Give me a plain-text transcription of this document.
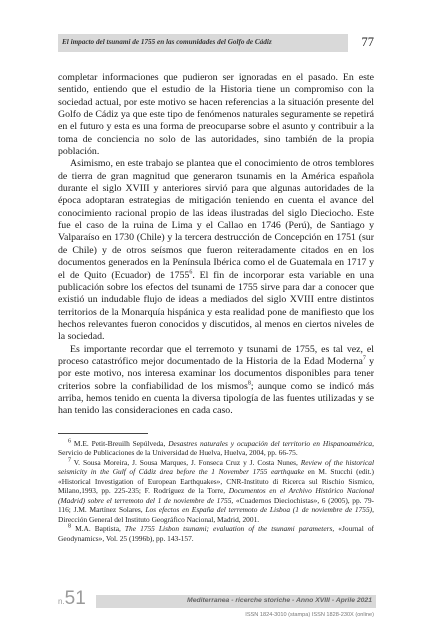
El impacto del tsunami de 1755 en las comunidades del Golfo de Cádiz	77

completar informaciones que pudieron ser ignoradas en el pasado. En este sentido, entiendo que el estudio de la Historia tiene un compromiso con la sociedad actual, por este motivo se hacen referencias a la situación presente del Golfo de Cádiz ya que este tipo de fenómenos naturales seguramente se repetirá en el futuro y esta es una forma de preocuparse sobre el asunto y contribuir a la toma de conciencia no solo de las autoridades, sino también de la propia población.

Asimismo, en este trabajo se plantea que el conocimiento de otros temblores de tierra de gran magnitud que generaron tsunamis en la América española durante el siglo XVIII y anteriores sirvió para que algunas autoridades de la época adoptaran estrategias de mitigación teniendo en cuenta el avance del conocimiento racional propio de las ideas ilustradas del siglo Dieciocho. Este fue el caso de la ruina de Lima y el Callao en 1746 (Perú), de Santiago y Valparaíso en 1730 (Chile) y la tercera destrucción de Concepción en 1751 (sur de Chile) y de otros seísmos que fueron reiteradamente citados en en los documentos generados en la Península Ibérica como el de Guatemala en 1717 y el de Quito (Ecuador) de 1755$^6$. El fin de incorporar esta variable en una publicación sobre los efectos del tsunami de 1755 sirve para dar a conocer que existió un indudable flujo de ideas a mediados del siglo XVIII entre distintos territorios de la Monarquía hispánica y esta realidad pone de manifiesto que los hechos relevantes fueron conocidos y discutidos, al menos en ciertos niveles de la sociedad.

Es importante recordar que el terremoto y tsunami de 1755, es tal vez, el proceso catastrófico mejor documentado de la Historia de la Edad Moderna$^7$ y por este motivo, nos interesa examinar los documentos disponibles para tener criterios sobre la confiabilidad de los mismos$^8$; aunque como se indicó más arriba, hemos tenido en cuenta la diversa tipología de las fuentes utilizadas y se han tenido las consideraciones en cada caso.

$^6$ M.E. Petit-Breuilh Sepúlveda, Desastres naturales y ocupación del territorio en Hispanoamérica, Servicio de Publicaciones de la Universidad de Huelva, Huelva, 2004, pp. 66-75.

$^7$ V. Sousa Moreira, J. Sousa Marques, J. Fonseca Cruz y J. Costa Nunes, Review of the historical seismicity in the Gulf of Cádiz área before the 1 November 1755 earthquake en M. Stucchi (edit.) «Historical Investigation of European Earthquakes», CNR-Instituto di Ricerca sul Rischio Sismico, Milano,1993, pp. 225-235; F. Rodríguez de la Torre, Documentos en el Archivo Histórico Nacional (Madrid) sobre el terremoto del 1 de noviembre de 1755, «Cuadernos Dieciochistas», 6 (2005), pp. 79-116; J.M. Martínez Solares, Los efectos en España del terremoto de Lisboa (1 de noviembre de 1755), Dirección General del Instituto Geográfico Nacional, Madrid, 2001.

$^8$ M.A. Baptista, The 1755 Lisbon tsunami; evaluation of the tsunami parameters, «Journal of Geodynamics», Vol. 25 (1996b), pp. 143-157.

n.51	Mediterranea - ricerche storiche - Anno XVIII - Aprile 2021
ISSN 1824-3010 (stampa) ISSN 1828-230X (online)
